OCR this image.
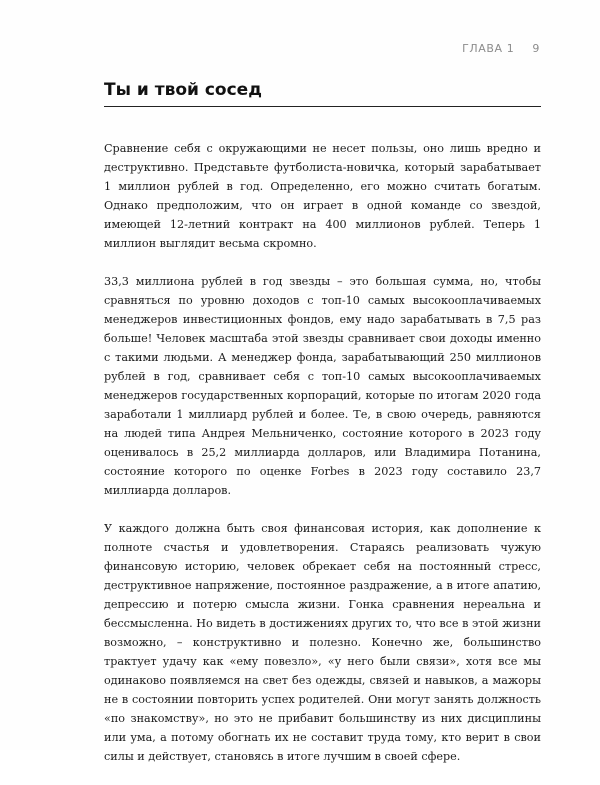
ГЛАВА 1 9
Ты и твой сосед

Сравнение себя с окружающими не несет пользы, оно лишь вредно и деструктивно. Представьте футболиста-новичка, который зарабатывает 1 миллион рублей в год. Определенно, его можно считать богатым. Однако предположим, что он играет в одной команде со звездой, имеющей 12-летний контракт на 400 миллионов рублей. Теперь 1 миллион выглядит весьма скромно.

33,3 миллиона рублей в год звезды – это большая сумма, но, чтобы сравняться по уровню доходов с топ-10 самых высокооплачиваемых менеджеров инвестиционных фондов, ему надо зарабатывать в 7,5 раз больше! Человек масштаба этой звезды сравнивает свои доходы именно с такими людьми. А менеджер фонда, зарабатывающий 250 миллионов рублей в год, сравнивает себя с топ-10 самых высокооплачиваемых менеджеров государственных корпораций, которые по итогам 2020 года заработали 1 миллиард рублей и более. Те, в свою очередь, равняются на людей типа Андрея Мельниченко, состояние которого в 2023 году оценивалось в 25,2 миллиарда долларов, или Владимира Потанина, состояние которого по оценке Forbes в 2023 году составило 23,7 миллиарда долларов.

У каждого должна быть своя финансовая история, как дополнение к полноте счастья и удовлетворения. Стараясь реализовать чужую финансовую историю, человек обрекает себя на постоянный стресс, деструктивное напряжение, постоянное раздражение, а в итоге апатию, депрессию и потерю смысла жизни. Гонка сравнения нереальна и бессмысленна. Но видеть в достижениях других то, что все в этой жизни возможно, – конструктивно и полезно. Конечно же, большинство трактует удачу как «ему повезло», «у него были связи», хотя все мы одинаково появляемся на свет без одежды, связей и навыков, а мажоры не в состоянии повторить успех родителей. Они могут занять должность «по знакомству», но это не прибавит большинству из них дисциплины или ума, а потому обогнать их не составит труда тому, кто верит в свои силы и действует, становясь в итоге лучшим в своей сфере.
